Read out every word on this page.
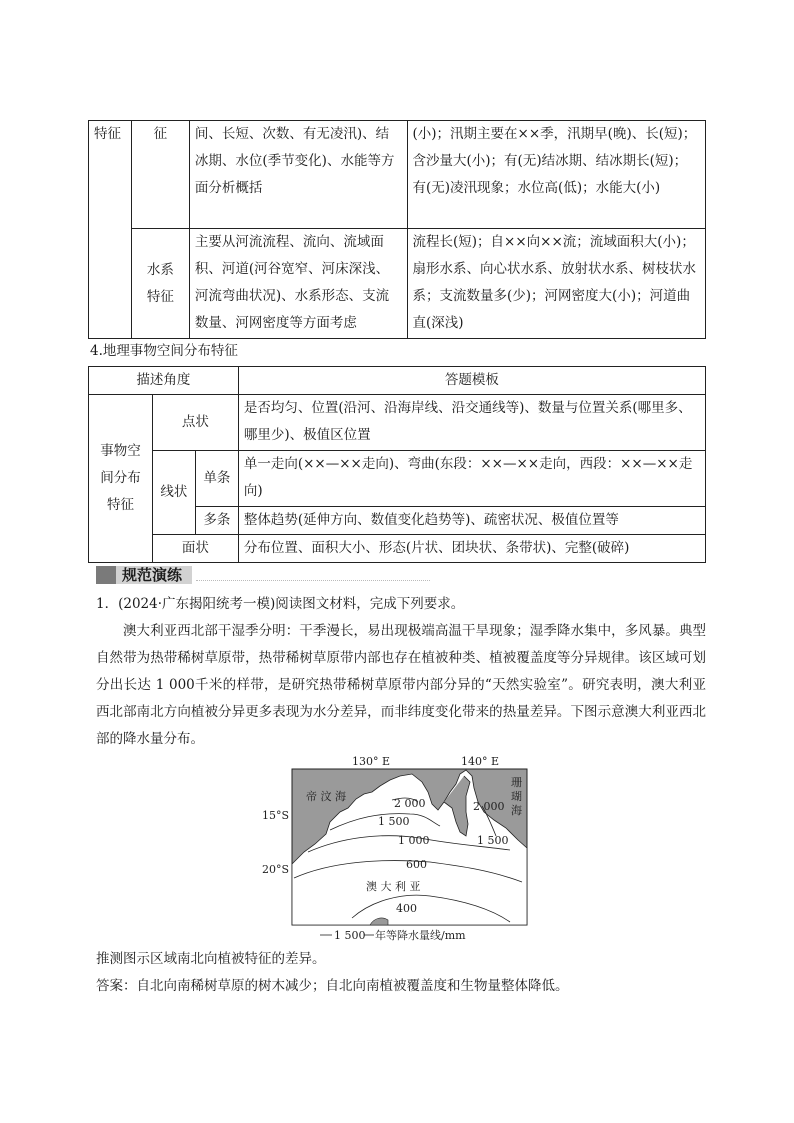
特征	征	间、长短、次数、有无凌汛)、结冰期、水位(季节变化)、水能等方面分析概括	(小)；汛期主要在××季，汛期早(晚)、长(短)；含沙量大(小)；有(无)结冰期、结冰期长(短)；有(无)凌汛现象；水位高(低)；水能大(小)
	水系特征	主要从河流流程、流向、流域面积、河道(河谷宽窄、河床深浅、河流弯曲状况)、水系形态、支流数量、河网密度等方面考虑	流程长(短)；自××向××流；流域面积大(小)；扇形水系、向心状水系、放射状水系、树枝状水系；支流数量多(少)；河网密度大(小)；河道曲直(深浅)
4.地理事物空间分布特征
描述角度			答题模板
事物空间分布特征	点状		是否均匀、位置(沿河、沿海岸线、沿交通线等)、数量与位置关系(哪里多、哪里少)、极值区位置
	线状	单条	单一走向(××—××走向)、弯曲(东段：××—××走向，西段：××—××走向)
		多条	整体趋势(延伸方向、数值变化趋势等)、疏密状况、极值位置等
	面状		分布位置、面积大小、形态(片状、团块状、条带状)、完整(破碎)
规范演练
1．(2024·广东揭阳统考一模)阅读图文材料，完成下列要求。
澳大利亚西北部干湿季分明：干季漫长，易出现极端高温干旱现象；湿季降水集中，多风暴。典型自然带为热带稀树草原带，热带稀树草原带内部也存在植被种类、植被覆盖度等分异规律。该区域可划分出长达 1 000千米的样带，是研究热带稀树草原带内部分异的“天然实验室”。研究表明，澳大利亚西北部南北方向植被分异更多表现为水分差异，而非纬度变化带来的热量差异。下图示意澳大利亚西北部的降水量分布。
130° E	140° E
15°S
20°S
帝 汶 海
珊
瑚
海
2 000	2 000
1 500
1 500
1 000
600
澳 大 利 亚
400
1 500 年等降水量线/mm
推测图示区域南北向植被特征的差异。
答案：自北向南稀树草原的树木减少；自北向南植被覆盖度和生物量整体降低。
